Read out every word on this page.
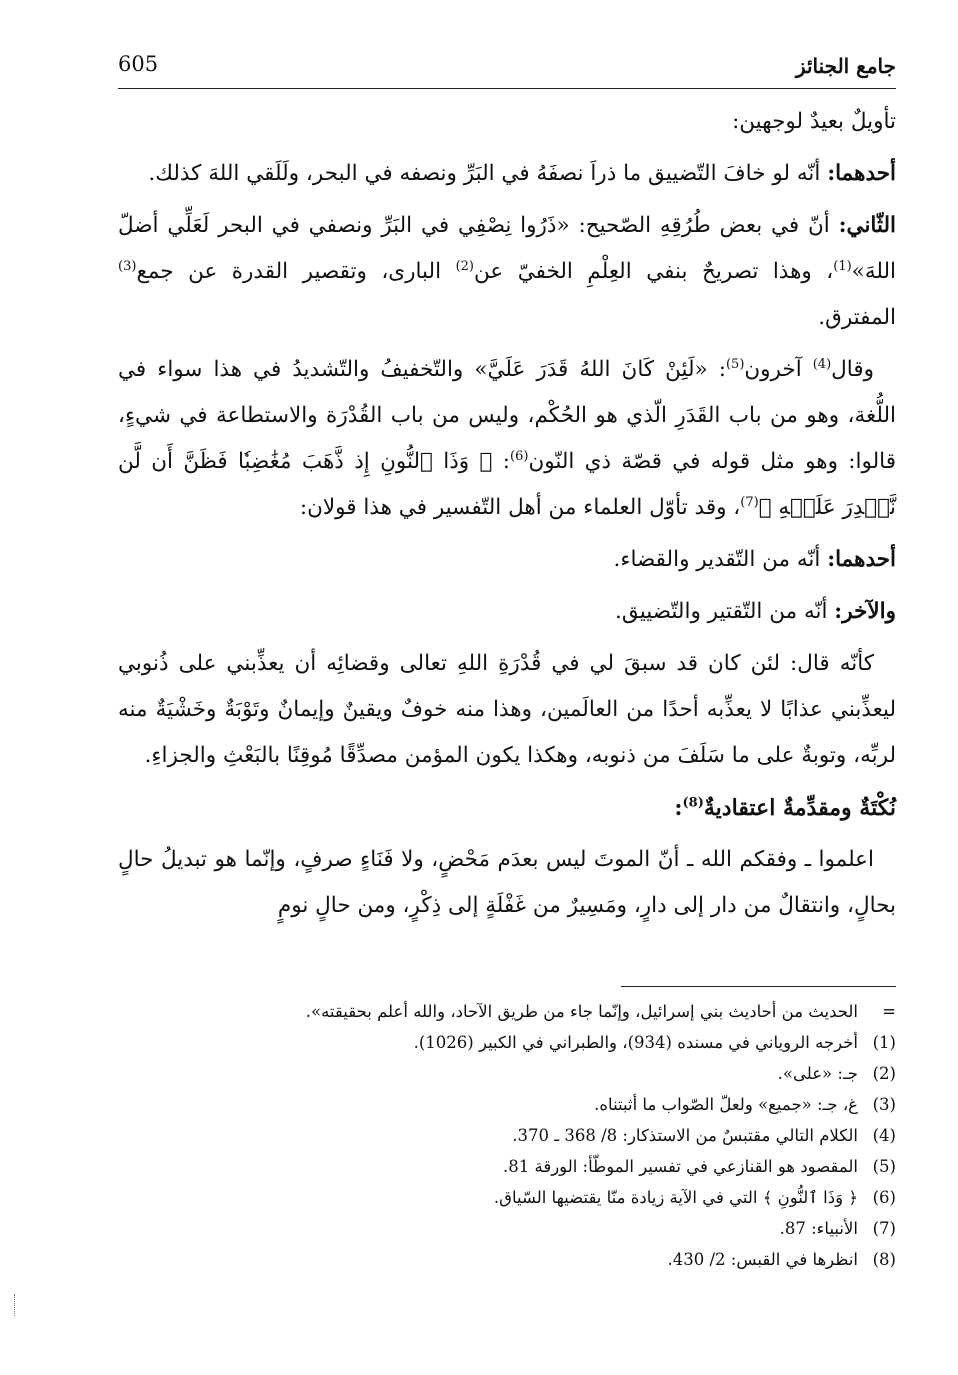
جامع الجنائز
605

تأويلٌ بعيدٌ لوجهين:

أحدهما: أنّه لو خافَ التّضييق ما ذراَ نصفَهُ في البَرِّ ونصفه في البحر، ولَلَقي اللهَ كذلك.

الثّاني: أنّ في بعض طُرُقِهِ الصّحيح: «ذَرُوا نِصْفِي في البَرِّ ونصفي في البحر لَعَلِّي أضلّ اللهَ»$^{(1)}$، وهذا تصريحٌ بنفي العِلْمِ الخفيّ عن$^{(2)}$ البارى، وتقصير القدرة عن جمع$^{(3)}$ المفترق.

وقال$^{(4)}$ آخرون$^{(5)}$: «لَئِنْ كَانَ اللهُ قَدَرَ عَلَيَّ» والتّخفيفُ والتّشديدُ في هذا سواء في اللُّغة، وهو من باب القَدَرِ الّذي هو الحُكْم، وليس من باب القُدْرَة والاستطاعة في شيءٍ، قالوا: وهو مثل قوله في قصّة ذي النّون$^{(6)}$: ﴿ وَذَا ٱلنُّونِ إِذ ذَّهَبَ مُغَٰضِبٗا فَظَنَّ أَن لَّن نَّقۡدِرَ عَلَيۡهِ ﴾$^{(7)}$، وقد تأوّل العلماء من أهل التّفسير في هذا قولان:

أحدهما: أنّه من التّقدير والقضاء.

والآخر: أنّه من التّقتير والتّضييق.

كأنّه قال: لئن كان قد سبقَ لي في قُدْرَةِ اللهِ تعالى وقضائِه أن يعذِّبني على ذُنوبي ليعذِّبني عذابًا لا يعذِّبه أحدًا من العالَمين، وهذا منه خوفٌ ويقينٌ وإيمانٌ وتَوْبَةٌ وخَشْيَةٌ منه لربِّه، وتوبةٌ على ما سَلَفَ من ذنوبه، وهكذا يكون المؤمن مصدِّقًا مُوقِنًا بالبَعْثِ والجزاءِ.

نُكْتَةٌ ومقدِّمةٌ اعتقاديةٌ$^{(8)}$:

اعلموا ـ وفقكم الله ـ أنّ الموتَ ليس بعدَم مَحْضٍ، ولا فَنَاءٍ صرفٍ، وإنّما هو تبديلُ حالٍ بحالٍ، وانتقالٌ من دار إلى دارٍ، ومَسِيرٌ من غَفْلَةٍ إلى ذِكْرٍ، ومن حالٍ نومٍ

=
الحديث من أحاديث بني إسرائيل، وإنّما جاء من طريق الآحاد، والله أعلم بحقيقته».
(1)
أخرجه الروياني في مسنده (934)، والطبراني في الكبير (1026).
(2)
جـ: «على».
(3)
غ، جـ: «جميع» ولعلّ الصّواب ما أثبتناه.
(4)
الكلام التالي مقتبسٌ من الاستذكار: 8/ 368 ـ 370.
(5)
المقصود هو القنازعي في تفسير الموطّأ: الورقة 81.
(6)
﴿ وَذَا ٱلنُّونِ ﴾ التي في الآية زيادة منّا يقتضيها السّياق.
(7)
الأنبياء: 87.
(8)
انظرها في القبس: 2/ 430.
